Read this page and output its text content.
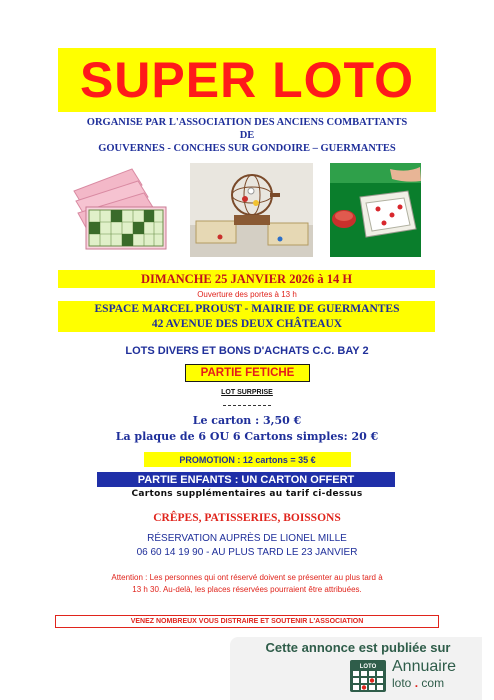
SUPER LOTO
ORGANISE PAR L'ASSOCIATION DES ANCIENS COMBATTANTS
DE
GOUVERNES - CONCHES SUR GONDOIRE – GUERMANTES
DIMANCHE 25 JANVIER 2026 à 14 H
Ouverture des portes à 13 h
ESPACE MARCEL PROUST - MAIRIE DE GUERMANTES
42 AVENUE DES DEUX CHÂTEAUX
LOTS DIVERS ET BONS D'ACHATS C.C. BAY 2
PARTIE FETICHE
LOT SURPRISE
Le carton : 3,50 €
La plaque de 6 OU 6 Cartons simples: 20 €
PROMOTION : 12 cartons = 35 €
PARTIE ENFANTS : UN CARTON OFFERT
Cartons supplémentaires au tarif ci-dessus
CRÊPES, PATISSERIES, BOISSONS
RÉSERVATION AUPRÈS DE LIONEL MILLE
06 60 14 19 90 - AU PLUS TARD LE 23 JANVIER
Attention : Les personnes qui ont réservé doivent se présenter au plus tard à
13 h 30. Au-delà, les places réservées pourraient être attribuées.
VENEZ NOMBREUX VOUS DISTRAIRE ET SOUTENIR L'ASSOCIATION
Cette annonce est publiée sur
LOTO Annuaire
loto . com
